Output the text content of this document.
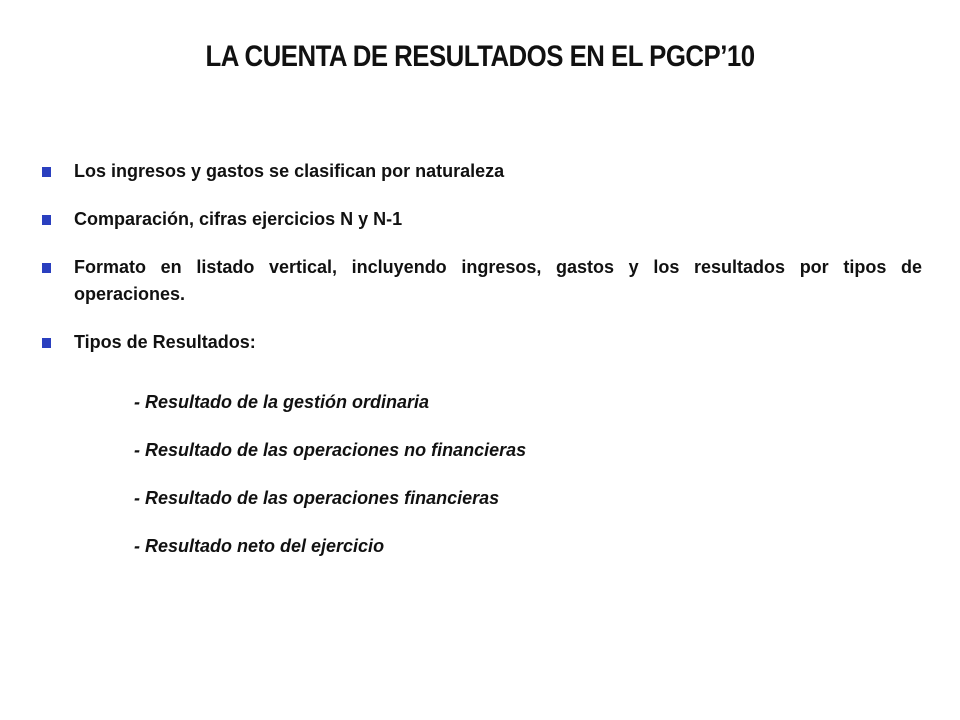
LA CUENTA DE RESULTADOS EN EL PGCP’10
Los ingresos y gastos se clasifican por naturaleza
Comparación, cifras ejercicios N y N-1
Formato en listado vertical, incluyendo ingresos, gastos y los resultados por tipos de operaciones.
Tipos de Resultados:
- Resultado de la gestión ordinaria
- Resultado de las operaciones no financieras
- Resultado de las operaciones financieras
- Resultado neto del ejercicio
